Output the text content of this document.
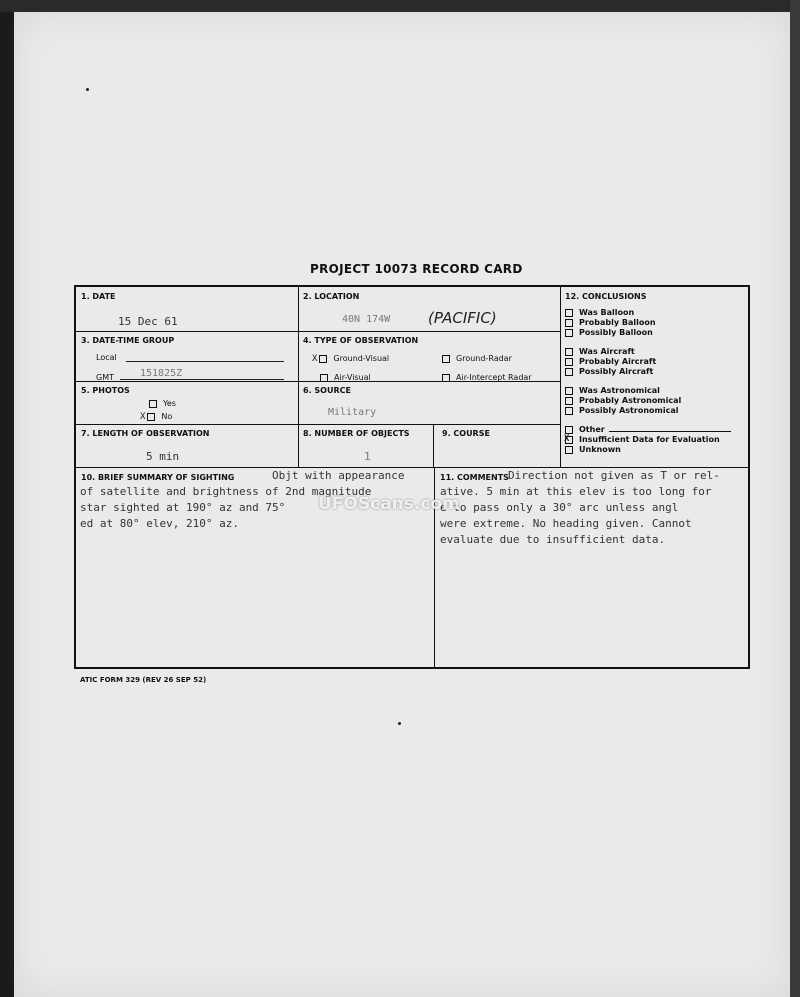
PROJECT 10073 RECORD CARD
1. DATE
15 Dec 61
2. LOCATION
40N 174W	(PACIFIC)
3. DATE-TIME GROUP
Local
GMT	151825Z
4. TYPE OF OBSERVATION
X Ground-Visual	Ground-Radar
Air-Visual	Air-Intercept Radar
5. PHOTOS
Yes
X No
6. SOURCE
Military
7. LENGTH OF OBSERVATION
5 min
8. NUMBER OF OBJECTS
1
9. COURSE
12. CONCLUSIONS
Was Balloon
Probably Balloon
Possibly Balloon
Was Aircraft
Probably Aircraft
Possibly Aircraft
Was Astronomical
Probably Astronomical
Possibly Astronomical
Other
X Insufficient Data for Evaluation
Unknown
10. BRIEF SUMMARY OF SIGHTING	Objt with appearance
of satellite and brightness of 2nd magnitude
star sighted at 190° az and 75°
ed at 80° elev, 210° az.
11. COMMENTS Direction not given as T or rel-
ative. 5 min at this elev is too long for
e to pass only a 30° arc unless angl
were extreme. No heading given. Cannot
evaluate due to insufficient data.
UFOScans.com
ATIC FORM 329 (REV 26 SEP 52)
